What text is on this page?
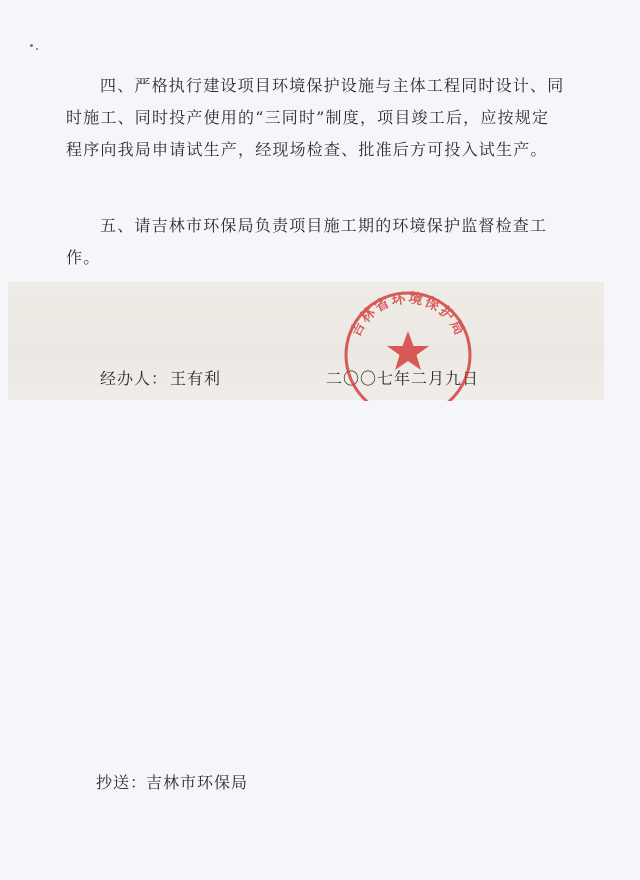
四、严格执行建设项目环境保护设施与主体工程同时设计、同时施工、同时投产使用的“三同时”制度，项目竣工后，应按规定程序向我局申请试生产，经现场检查、批准后方可投入试生产。

五、请吉林市环保局负责项目施工期的环境保护监督检查工作。

经办人： 王有利	二〇〇七年二月九日
吉林省环境保护局
抄送：
吉林市环保局
